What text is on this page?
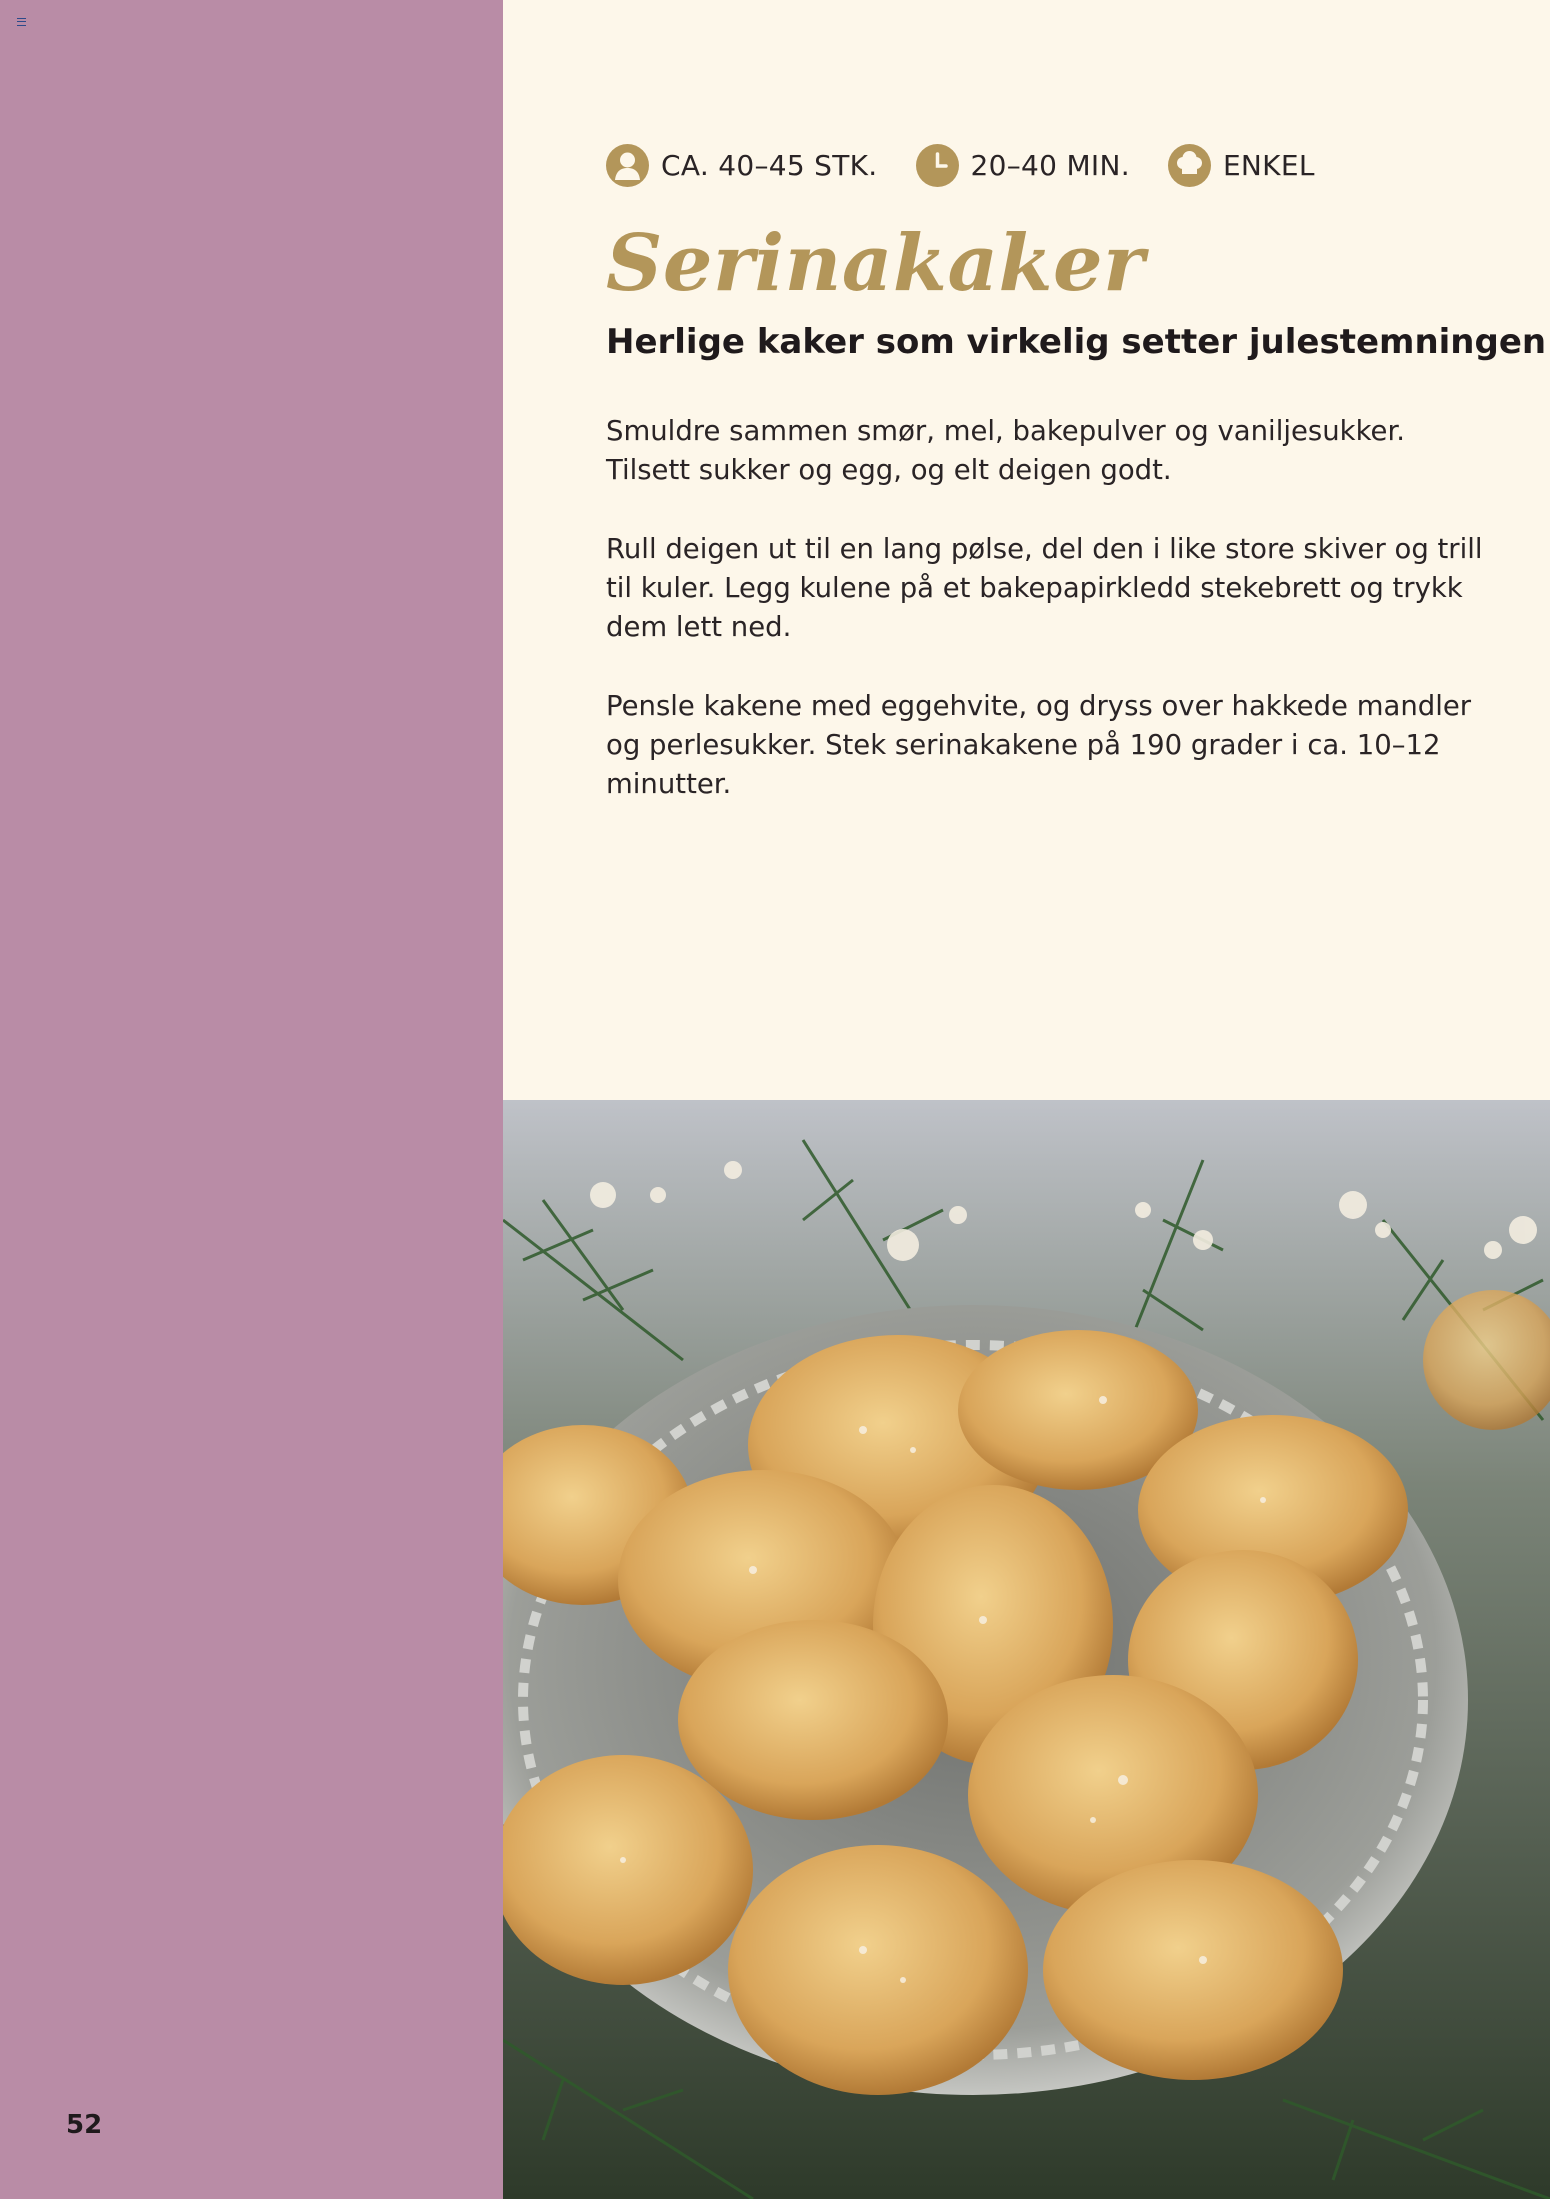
52
CA. 40–45 STK.	20–40 MIN.	ENKEL
Serinakaker
Herlige kaker som virkelig setter julestemningen

Smuldre sammen smør, mel, bakepulver og vaniljesukker. Tilsett sukker og egg, og elt deigen godt.

Rull deigen ut til en lang pølse, del den i like store skiver og trill til kuler. Legg kulene på et bakepapirkledd stekebrett og trykk dem lett ned.

Pensle kakene med eggehvite, og dryss over hakkede mandler og perlesukker. Stek serinakakene på 190 grader i ca. 10–12 minutter.
